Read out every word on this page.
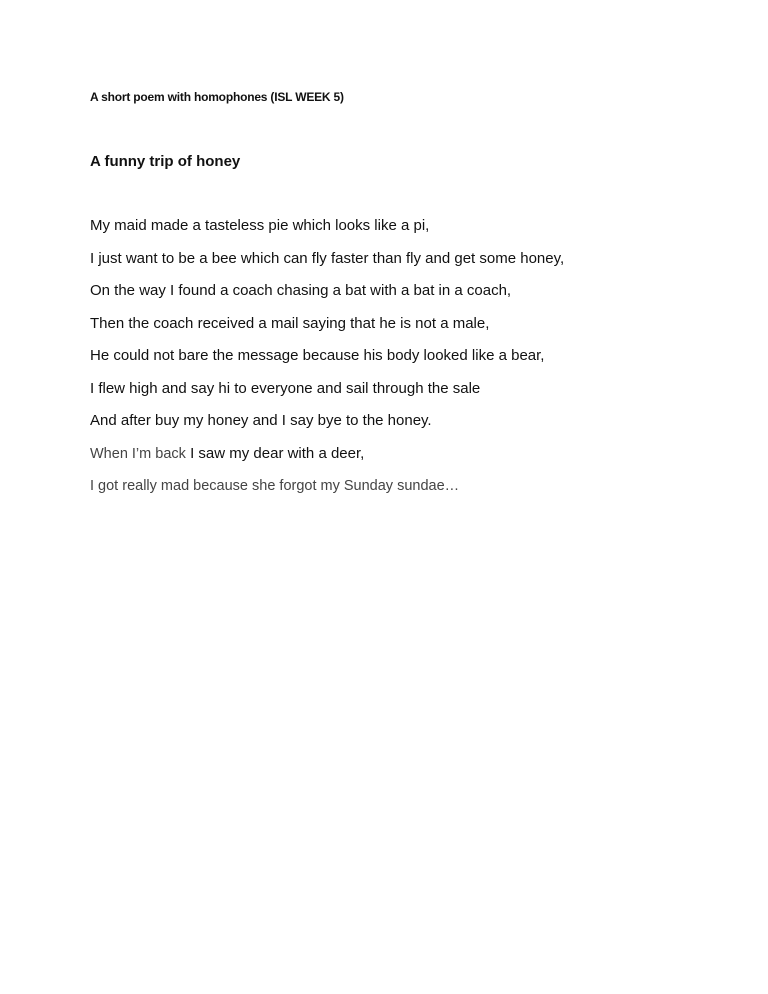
A short poem with homophones (ISL WEEK 5)
A funny trip of honey
My maid made a tasteless pie which looks like a pi,
I just want to be a bee which can fly faster than fly and get some honey,
On the way I found a coach chasing a bat with a bat in a coach,
Then the coach received a mail saying that he is not a male,
He could not bare the message because his body looked like a bear,
I flew high and say hi to everyone and sail through the sale
And after buy my honey and I say bye to the honey.
When I’m back I saw my dear with a deer,
I got really mad because she forgot my Sunday sundae…
